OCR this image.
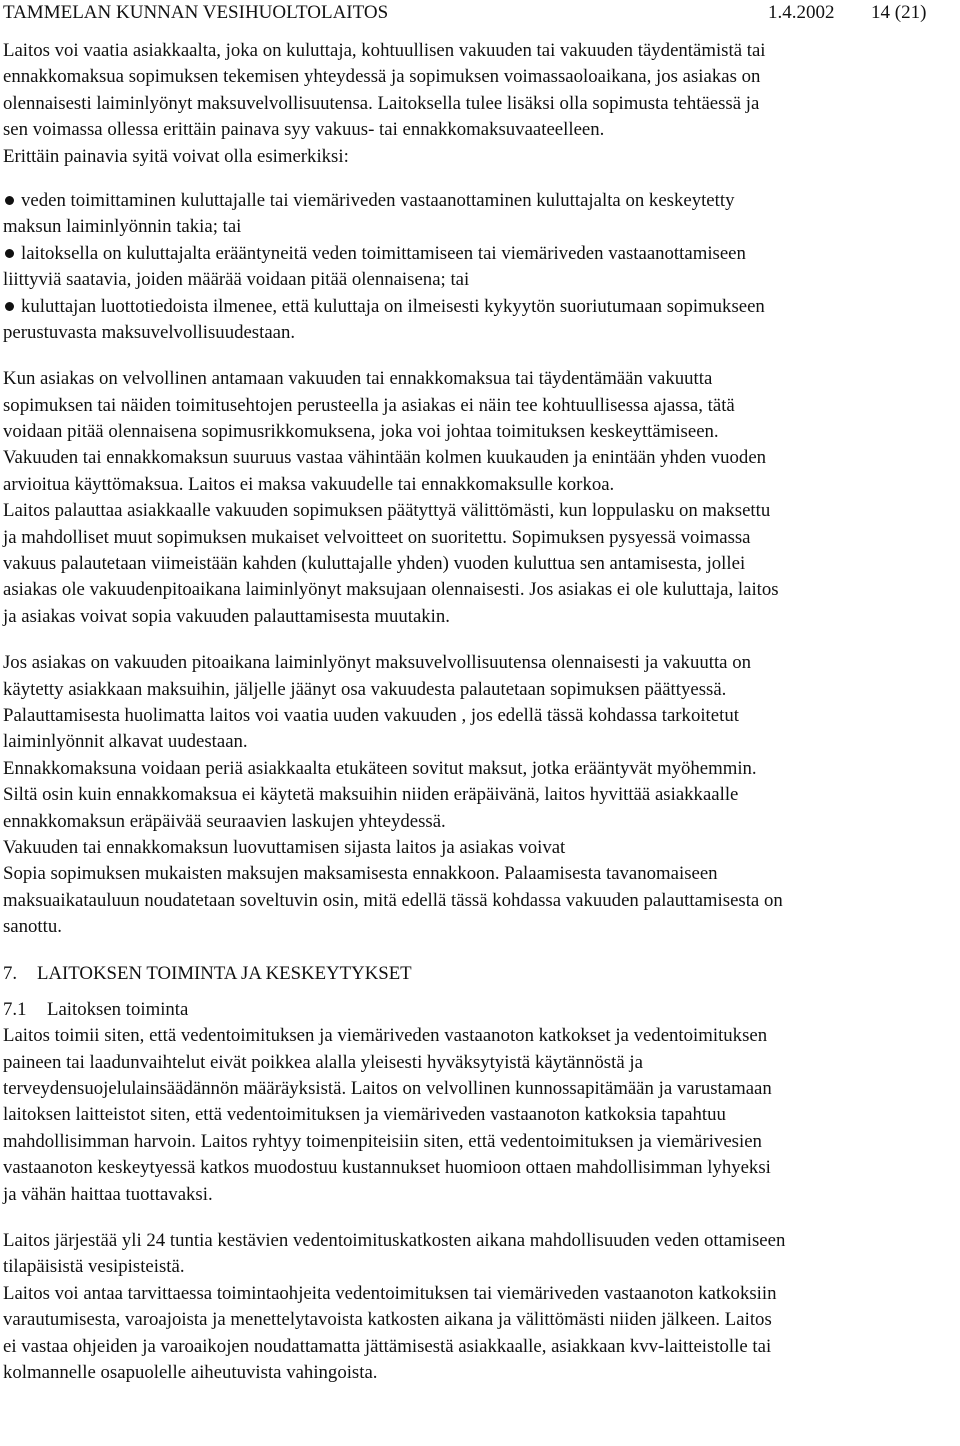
TAMMELAN KUNNAN VESIHUOLTOLAITOS	1.4.2002 14 (21)
Laitos voi vaatia asiakkaalta, joka on kuluttaja, kohtuullisen vakuuden tai vakuuden täydentämistä tai
ennakkomaksua sopimuksen tekemisen yhteydessä ja sopimuksen voimassaoloaikana, jos asiakas on
olennaisesti laiminlyönyt maksuvelvollisuutensa. Laitoksella tulee lisäksi olla sopimusta tehtäessä ja
sen voimassa ollessa erittäin painava syy vakuus- tai ennakkomaksuvaateelleen.
Erittäin painavia syitä voivat olla esimerkiksi:
veden toimittaminen kuluttajalle tai viemäriveden vastaanottaminen kuluttajalta on keskeytetty
maksun laiminlyönnin takia; tai
laitoksella on kuluttajalta erääntyneitä veden toimittamiseen tai viemäriveden vastaanottamiseen
liittyviä saatavia, joiden määrää voidaan pitää olennaisena; tai
kuluttajan luottotiedoista ilmenee, että kuluttaja on ilmeisesti kykyytön suoriutumaan sopimukseen
perustuvasta maksuvelvollisuudestaan.
Kun asiakas on velvollinen antamaan vakuuden tai ennakkomaksua tai täydentämään vakuutta
sopimuksen tai näiden toimitusehtojen perusteella ja asiakas ei näin tee kohtuullisessa ajassa, tätä
voidaan pitää olennaisena sopimusrikkomuksena, joka voi johtaa toimituksen keskeyttämiseen.
Vakuuden tai ennakkomaksun suuruus vastaa vähintään kolmen kuukauden ja enintään yhden vuoden
arvioitua käyttömaksua. Laitos ei maksa vakuudelle tai ennakkomaksulle korkoa.
Laitos palauttaa asiakkaalle vakuuden sopimuksen päätyttyä välittömästi, kun loppulasku on maksettu
ja mahdolliset muut sopimuksen mukaiset velvoitteet on suoritettu. Sopimuksen pysyessä voimassa
vakuus palautetaan viimeistään kahden (kuluttajalle yhden) vuoden kuluttua sen antamisesta, jollei
asiakas ole vakuudenpitoaikana laiminlyönyt maksujaan olennaisesti. Jos asiakas ei ole kuluttaja, laitos
ja asiakas voivat sopia vakuuden palauttamisesta muutakin.
Jos asiakas on vakuuden pitoaikana laiminlyönyt maksuvelvollisuutensa olennaisesti ja vakuutta on
käytetty asiakkaan maksuihin, jäljelle jäänyt osa vakuudesta palautetaan sopimuksen päättyessä.
Palauttamisesta huolimatta laitos voi vaatia uuden vakuuden , jos edellä tässä kohdassa tarkoitetut
laiminlyönnit alkavat uudestaan.
Ennakkomaksuna voidaan periä asiakkaalta etukäteen sovitut maksut, jotka erääntyvät myöhemmin.
Siltä osin kuin ennakkomaksua ei käytetä maksuihin niiden eräpäivänä, laitos hyvittää asiakkaalle
ennakkomaksun eräpäivää seuraavien laskujen yhteydessä.
Vakuuden tai ennakkomaksun luovuttamisen sijasta laitos ja asiakas voivat
Sopia sopimuksen mukaisten maksujen maksamisesta ennakkoon. Palaamisesta tavanomaiseen
maksuaikatauluun noudatetaan soveltuvin osin, mitä edellä tässä kohdassa vakuuden palauttamisesta on
sanottu.
7. LAITOKSEN TOIMINTA JA KESKEYTYKSET
7.1 Laitoksen toiminta
Laitos toimii siten, että vedentoimituksen ja viemäriveden vastaanoton katkokset ja vedentoimituksen
paineen tai laadunvaihtelut eivät poikkea alalla yleisesti hyväksytyistä käytännöstä ja
terveydensuojelulainsäädännön määräyksistä. Laitos on velvollinen kunnossapitämään ja varustamaan
laitoksen laitteistot siten, että vedentoimituksen ja viemäriveden vastaanoton katkoksia tapahtuu
mahdollisimman harvoin. Laitos ryhtyy toimenpiteisiin siten, että vedentoimituksen ja viemärivesien
vastaanoton keskeytyessä katkos muodostuu kustannukset huomioon ottaen mahdollisimman lyhyeksi
ja vähän haittaa tuottavaksi.
Laitos järjestää yli 24 tuntia kestävien vedentoimituskatkosten aikana mahdollisuuden veden ottamiseen
tilapäisistä vesipisteistä.
Laitos voi antaa tarvittaessa toimintaohjeita vedentoimituksen tai viemäriveden vastaanoton katkoksiin
varautumisesta, varoajoista ja menettelytavoista katkosten aikana ja välittömästi niiden jälkeen. Laitos
ei vastaa ohjeiden ja varoaikojen noudattamatta jättämisestä asiakkaalle, asiakkaan kvv-laitteistolle tai
kolmannelle osapuolelle aiheutuvista vahingoista.
